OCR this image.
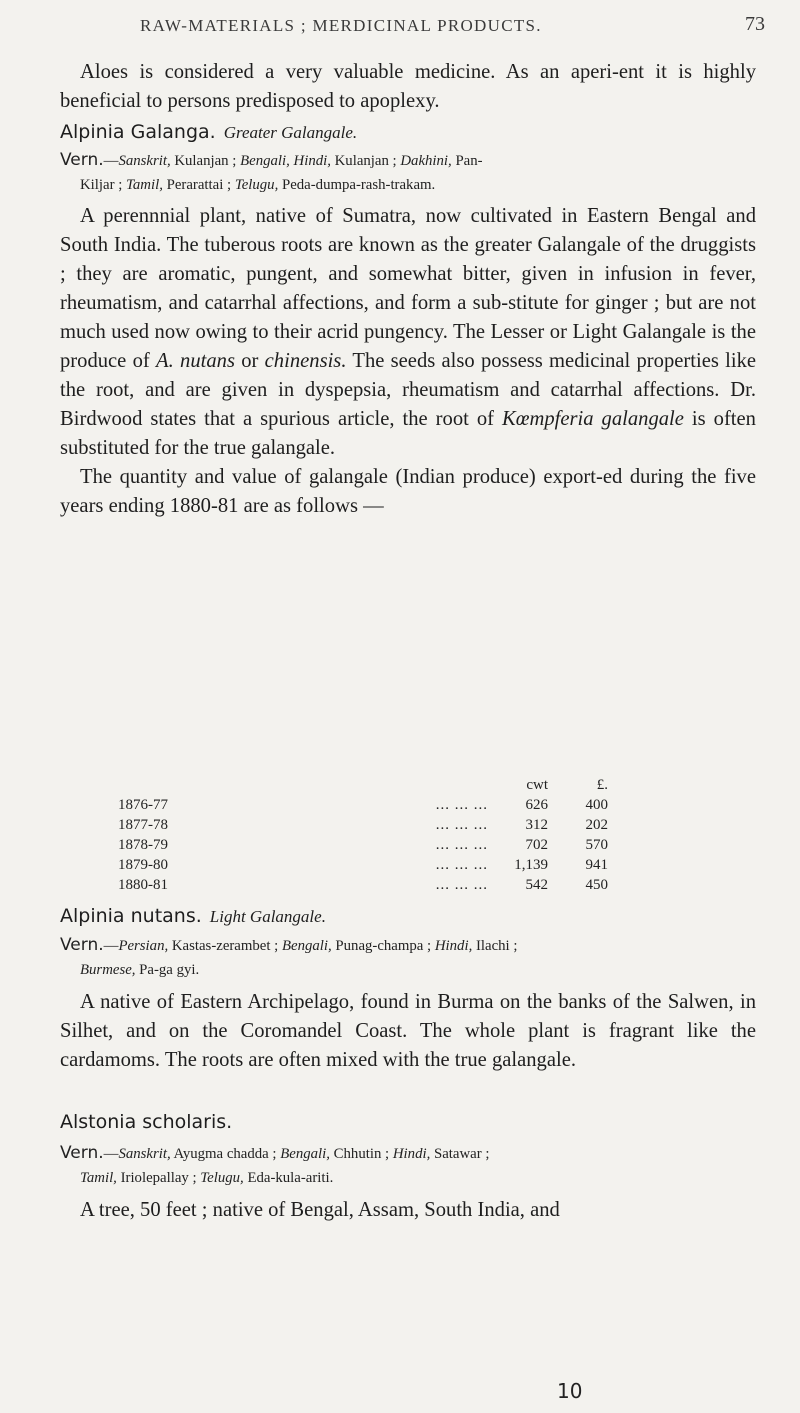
RAW-MATERIALS ; MERDICINAL PRODUCTS.	73

Aloes is considered a very valuable medicine. As an aperi-ent it is highly beneficial to persons predisposed to apoplexy.

Alpinia Galanga. Greater Galangale.
Vern.—Sanskrit, Kulanjan ; Bengali, Hindi, Kulanjan ; Dakhini, Pan-
Kiljar ; Tamil, Perarattai ; Telugu, Peda-dumpa-rash-trakam.

A perennnial plant, native of Sumatra, now cultivated in Eastern Bengal and South India. The tuberous roots are known as the greater Galangale of the druggists ; they are aromatic, pungent, and somewhat bitter, given in infusion in fever, rheumatism, and catarrhal affections, and form a sub-stitute for ginger ; but are not much used now owing to their acrid pungency. The Lesser or Light Galangale is the produce of A. nutans or chinensis. The seeds also possess medicinal properties like the root, and are given in dyspepsia, rheumatism and catarrhal affections. Dr. Birdwood states that a spurious article, the root of Kœmpferia galangale is often substituted for the true galangale.

The quantity and value of galangale (Indian produce) export-ed during the five years ending 1880-81 are as follows —

		cwt	£.
1876-77	... ... ...	626	400
1877-78	... ... ...	312	202
1878-79	... ... ...	702	570
1879-80	... ... ...	1,139	941
1880-81	... ... ...	542	450
Alpinia nutans. Light Galangale.
Vern.—Persian, Kastas-zerambet ; Bengali, Punag-champa ; Hindi, Ilachi ;
Burmese, Pa-ga gyi.

A native of Eastern Archipelago, found in Burma on the banks of the Salwen, in Silhet, and on the Coromandel Coast. The whole plant is fragrant like the cardamoms. The roots are often mixed with the true galangale.

Alstonia scholaris.
Vern.—Sanskrit, Ayugma chadda ; Bengali, Chhutin ; Hindi, Satawar ;
Tamil, Iriolepallay ; Telugu, Eda-kula-ariti.

A tree, 50 feet ; native of Bengal, Assam, South India, and

10
